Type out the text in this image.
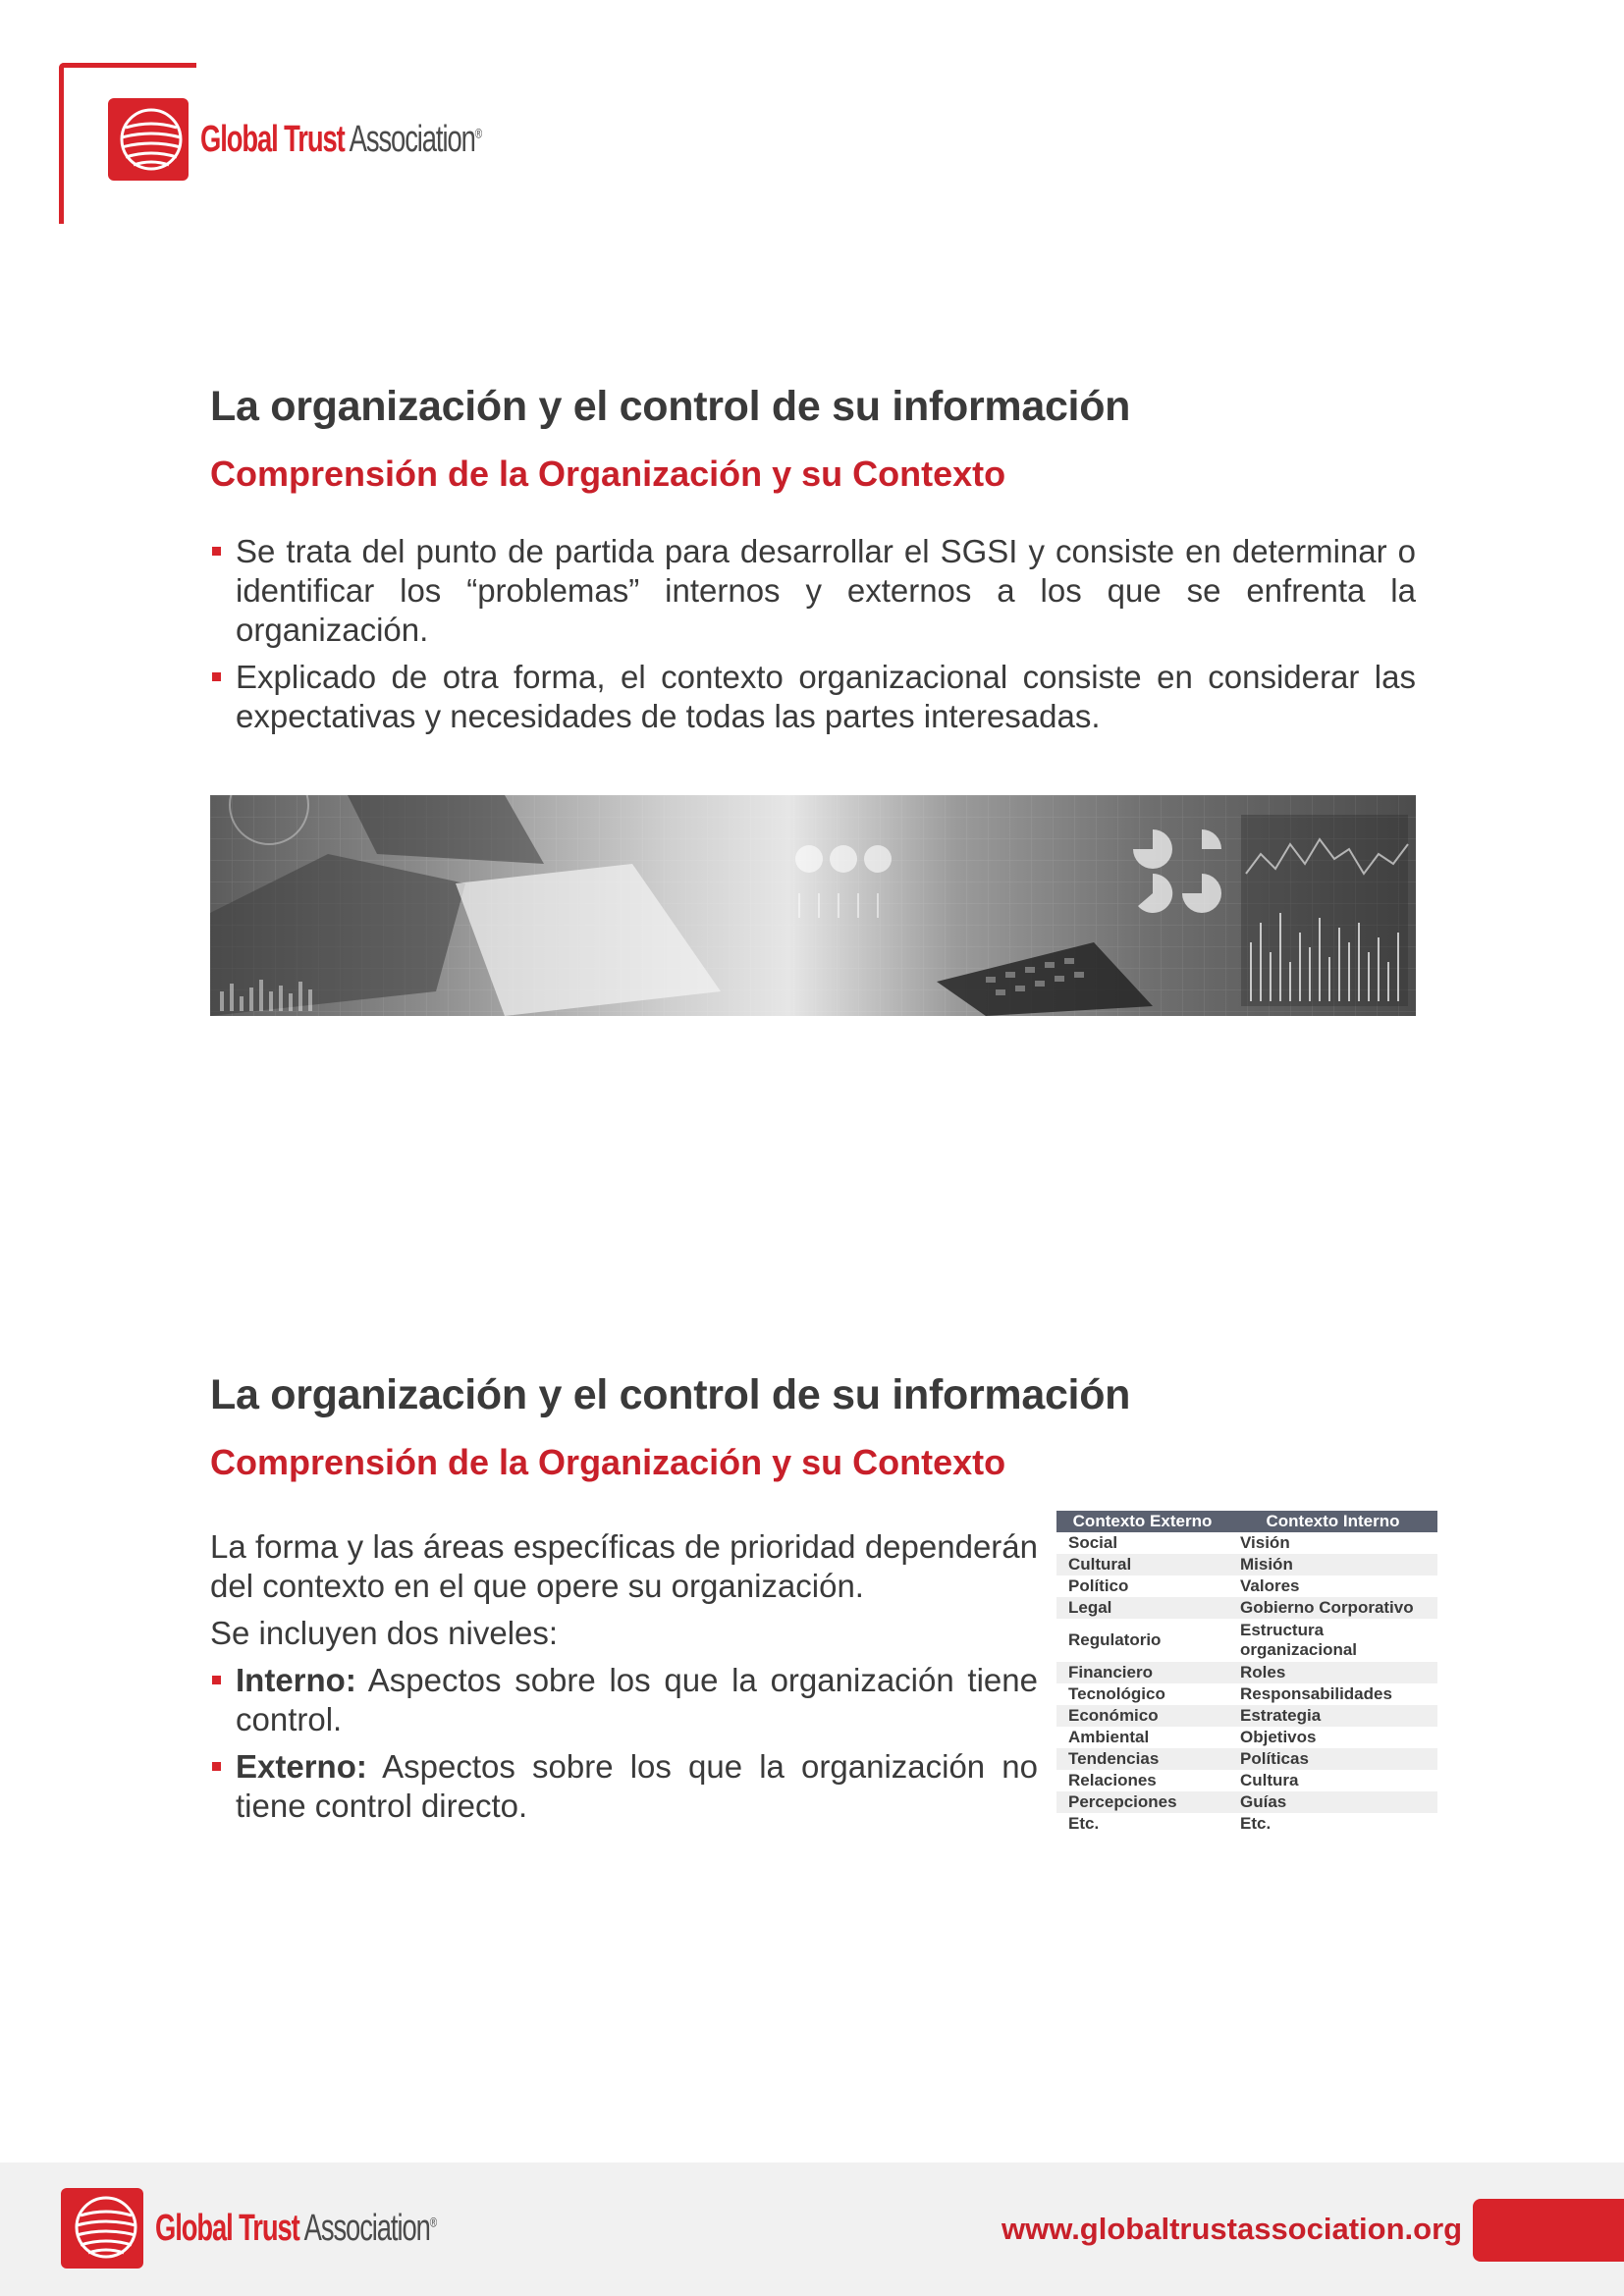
Global Trust Association®
La organización y el control de su información
Comprensión de la Organización y su Contexto
Se trata del punto de partida para desarrollar el SGSI y consiste en determinar o identificar los “problemas” internos y externos a los que se enfrenta la organización.
Explicado de otra forma, el contexto organizacional consiste en considerar las expectativas y necesidades de todas las partes interesadas.
La organización y el control de su información
Comprensión de la Organización y su Contexto

La forma y las áreas específicas de prioridad dependerán del contexto en el que opere su organización.

Se incluyen dos niveles:

Interno: Aspectos sobre los que la organización tiene control.
Externo: Aspectos sobre los que la organización no tiene control directo.
Contexto Externo	Contexto Interno
Social	Visión
Cultural	Misión
Político	Valores
Legal	Gobierno Corporativo
Regulatorio	Estructura organizacional
Financiero	Roles
Tecnológico	Responsabilidades
Económico	Estrategia
Ambiental	Objetivos
Tendencias	Políticas
Relaciones	Cultura
Percepciones	Guías
Etc.	Etc.
Global Trust Association®	www.globaltrustassociation.org
